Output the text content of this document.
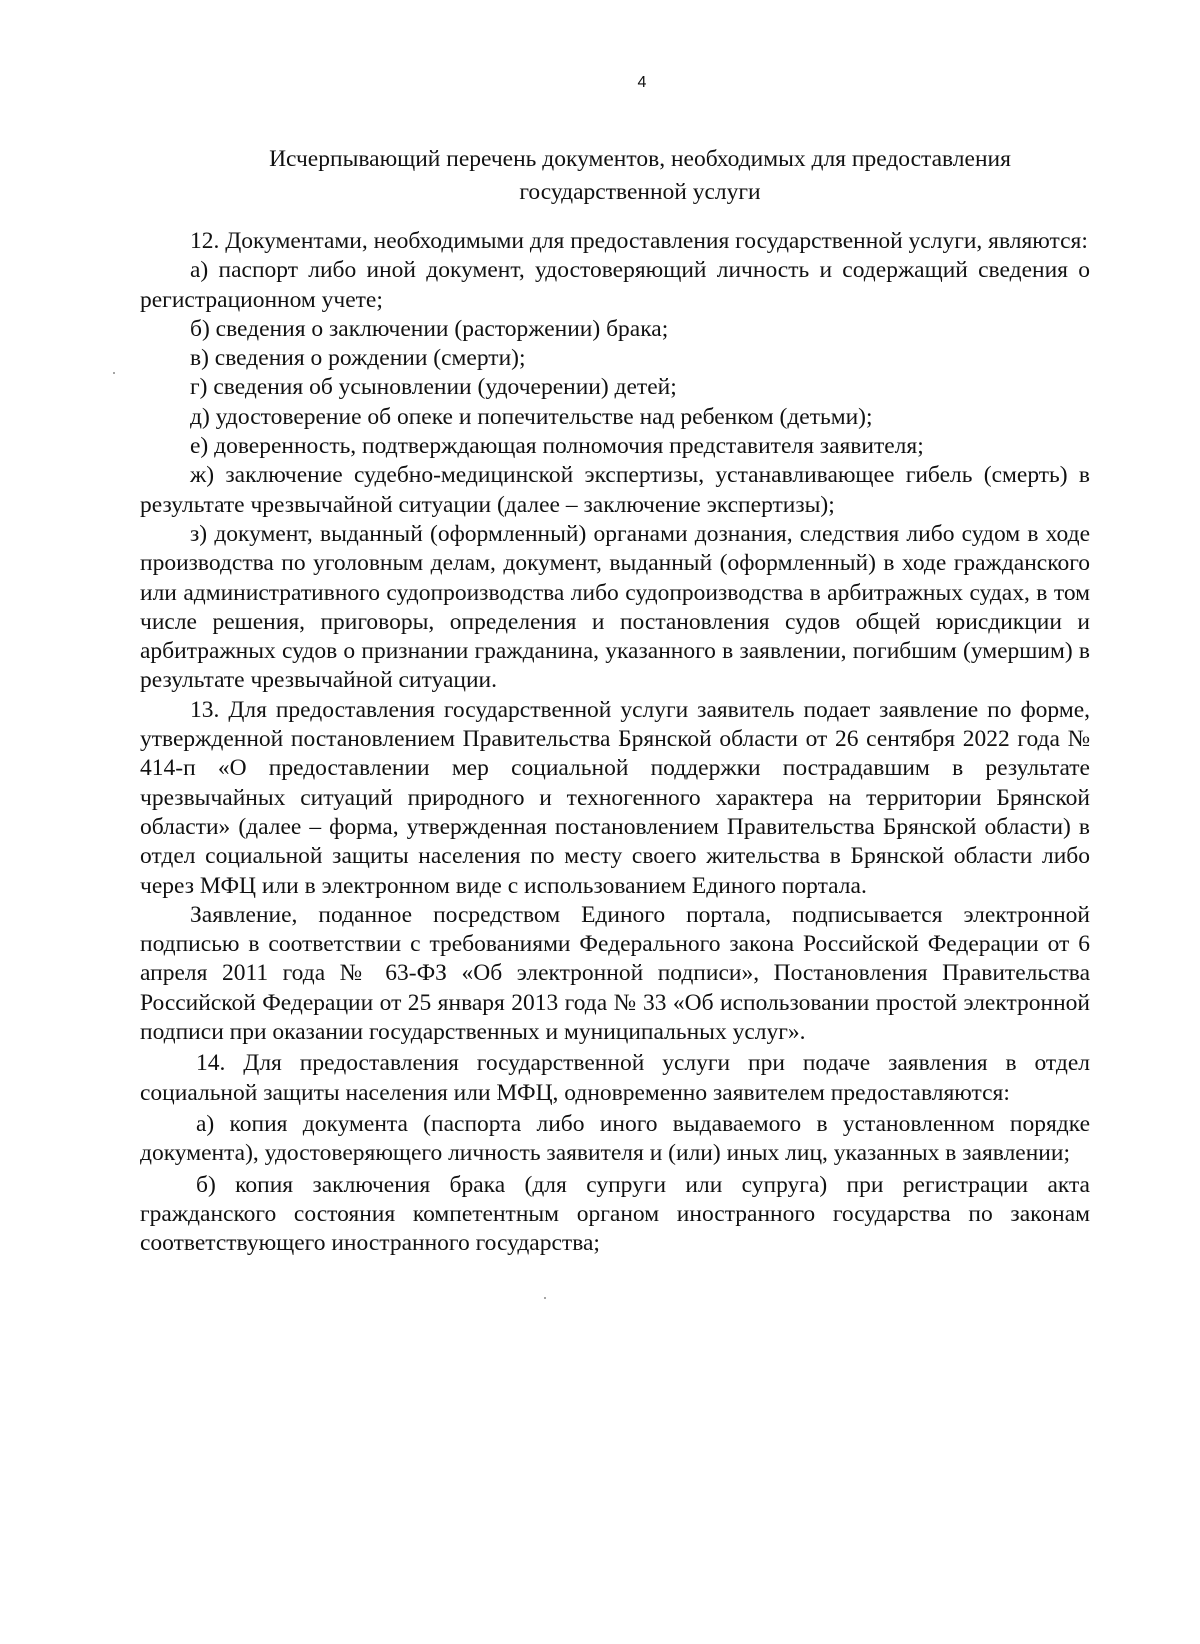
4
Исчерпывающий перечень документов, необходимых для предоставления
государственной услуги

12. Документами, необходимыми для предоставления государственной услуги, являются:

а) паспорт либо иной документ, удостоверяющий личность и содержащий сведения о регистрационном учете;

б) сведения о заключении (расторжении) брака;

в) сведения о рождении (смерти);

г) сведения об усыновлении (удочерении) детей;

д) удостоверение об опеке и попечительстве над ребенком (детьми);

е) доверенность, подтверждающая полномочия представителя заявителя;

ж) заключение судебно-медицинской экспертизы, устанавливающее гибель (смерть) в результате чрезвычайной ситуации (далее – заключение экспертизы);

з) документ, выданный (оформленный) органами дознания, следствия либо судом в ходе производства по уголовным делам, документ, выданный (оформленный) в ходе гражданского или административного судопроизводства либо судопроизводства в арбитражных судах, в том числе решения, приговоры, определения и постановления судов общей юрисдикции и арбитражных судов о признании гражданина, указанного в заявлении, погибшим (умершим) в результате чрезвычайной ситуации.

13. Для предоставления государственной услуги заявитель подает заявление по форме, утвержденной постановлением Правительства Брянской области от 26 сентября 2022 года № 414-п «О предоставлении мер социальной поддержки пострадавшим в результате чрезвычайных ситуаций природного и техногенного характера на территории Брянской области» (далее – форма, утвержденная постановлением Правительства Брянской области) в отдел социальной защиты населения по месту своего жительства в Брянской области либо через МФЦ или в электронном виде с использованием Единого портала.

Заявление, поданное посредством Единого портала, подписывается электронной подписью в соответствии с требованиями Федерального закона Российской Федерации от 6 апреля 2011 года № 63-ФЗ «Об электронной подписи», Постановления Правительства Российской Федерации от 25 января 2013 года № 33 «Об использовании простой электронной подписи при оказании государственных и муниципальных услуг».

14. Для предоставления государственной услуги при подаче заявления в отдел социальной защиты населения или МФЦ, одновременно заявителем предоставляются:

а) копия документа (паспорта либо иного выдаваемого в установленном порядке документа), удостоверяющего личность заявителя и (или) иных лиц, указанных в заявлении;

б) копия заключения брака (для супруги или супруга) при регистрации акта гражданского состояния компетентным органом иностранного государства по законам соответствующего иностранного государства;
